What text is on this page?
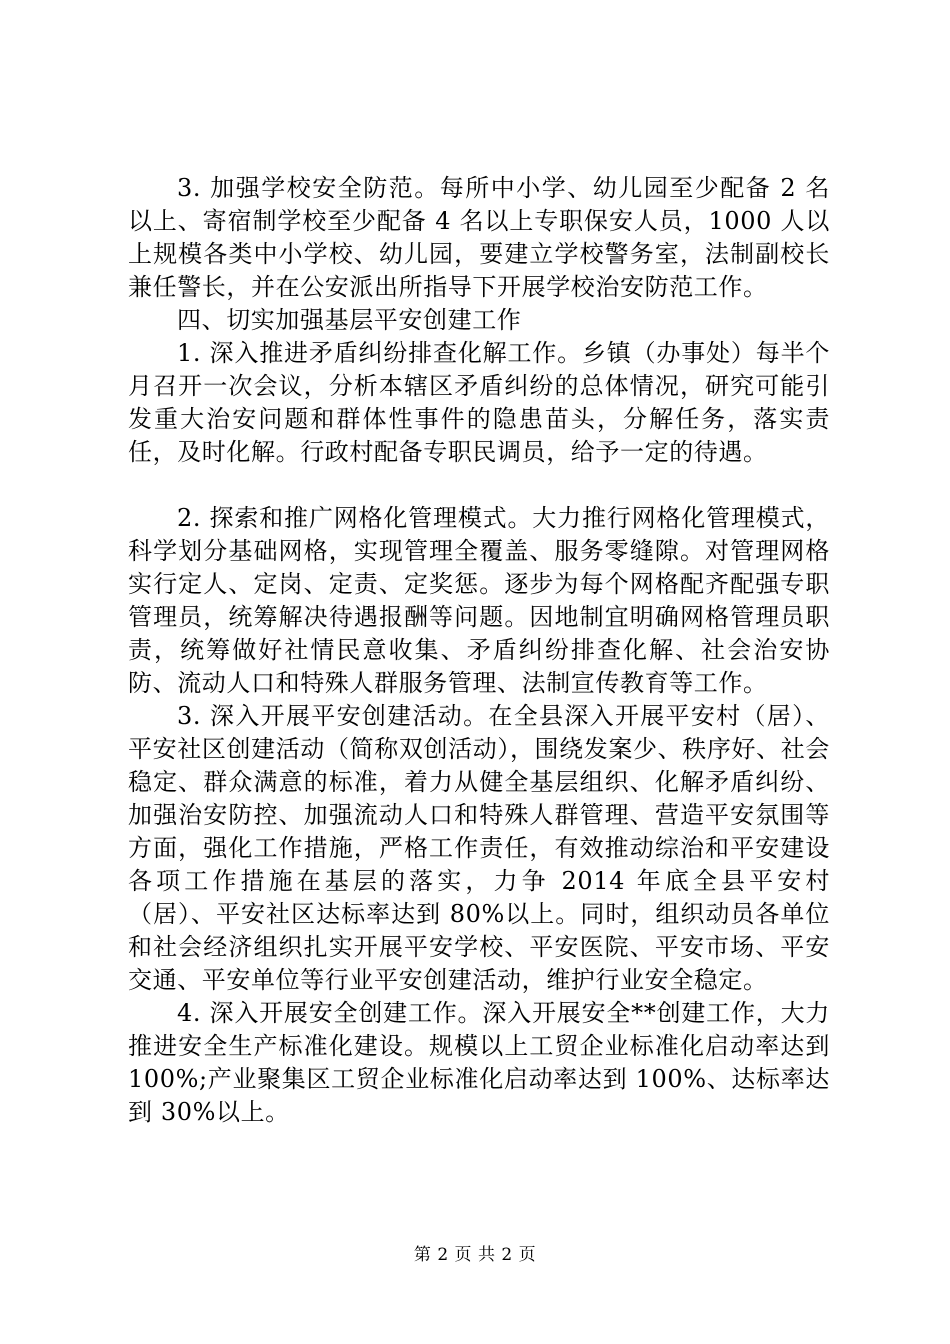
3. 加强学校安全防范。每所中小学、幼儿园至少配备 2 名以上、寄宿制学校至少配备 4 名以上专职保安人员，1000 人以上规模各类中小学校、幼儿园，要建立学校警务室，法制副校长兼任警长，并在公安派出所指导下开展学校治安防范工作。

四、切实加强基层平安创建工作

1. 深入推进矛盾纠纷排查化解工作。乡镇（办事处）每半个月召开一次会议，分析本辖区矛盾纠纷的总体情况，研究可能引发重大治安问题和群体性事件的隐患苗头，分解任务，落实责任，及时化解。行政村配备专职民调员，给予一定的待遇。

2. 探索和推广网格化管理模式。大力推行网格化管理模式，科学划分基础网格，实现管理全覆盖、服务零缝隙。对管理网格实行定人、定岗、定责、定奖惩。逐步为每个网格配齐配强专职管理员，统筹解决待遇报酬等问题。因地制宜明确网格管理员职责，统筹做好社情民意收集、矛盾纠纷排查化解、社会治安协防、流动人口和特殊人群服务管理、法制宣传教育等工作。

3. 深入开展平安创建活动。在全县深入开展平安村（居）、平安社区创建活动（简称双创活动），围绕发案少、秩序好、社会稳定、群众满意的标准，着力从健全基层组织、化解矛盾纠纷、加强治安防控、加强流动人口和特殊人群管理、营造平安氛围等方面，强化工作措施，严格工作责任，有效推动综治和平安建设各项工作措施在基层的落实，力争 2014 年底全县平安村（居）、平安社区达标率达到 80%以上。同时，组织动员各单位和社会经济组织扎实开展平安学校、平安医院、平安市场、平安交通、平安单位等行业平安创建活动，维护行业安全稳定。

4. 深入开展安全创建工作。深入开展安全**创建工作，大力推进安全生产标准化建设。规模以上工贸企业标准化启动率达到 100%;产业聚集区工贸企业标准化启动率达到 100%、达标率达到 30%以上。

第 2 页 共 2 页
